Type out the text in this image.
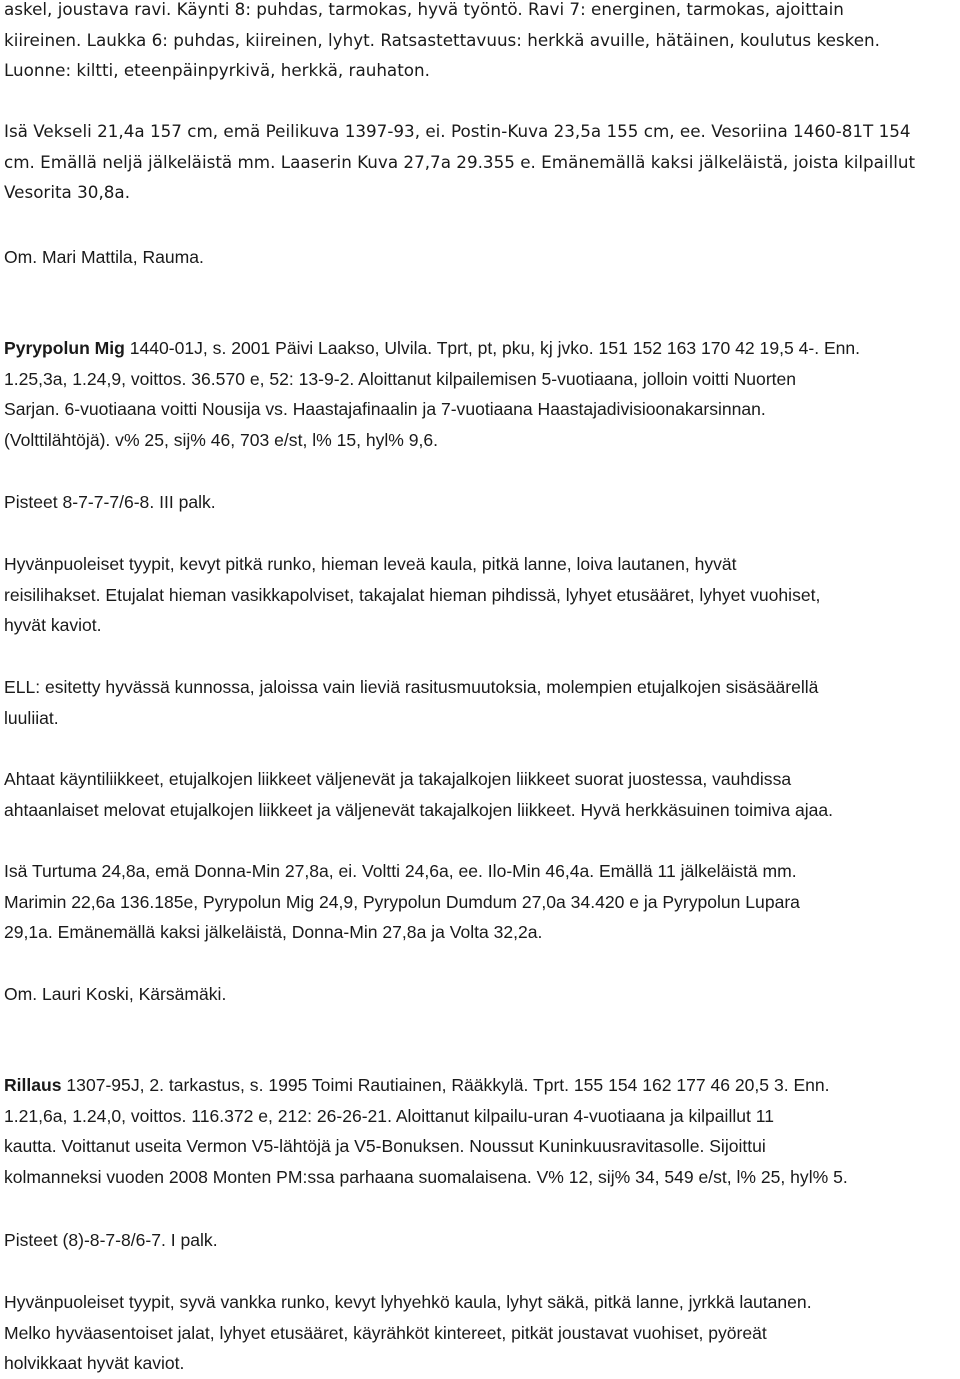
askel, joustava ravi. Käynti 8: puhdas, tarmokas, hyvä työntö. Ravi 7: energinen, tarmokas, ajoittain
kiireinen. Laukka 6: puhdas, kiireinen, lyhyt. Ratsastettavuus: herkkä avuille, hätäinen, koulutus kesken.
Luonne: kiltti, eteenpäinpyrkivä, herkkä, rauhaton.
Isä Vekseli 21,4a 157 cm, emä Peilikuva 1397-93, ei. Postin-Kuva 23,5a 155 cm, ee. Vesoriina 1460-81T 154
cm. Emällä neljä jälkeläistä mm. Laaserin Kuva 27,7a 29.355 e. Emänemällä kaksi jälkeläistä, joista kilpaillut
Vesorita 30,8a.
Om. Mari Mattila, Rauma.
Pyrypolun Mig 1440-01J, s. 2001 Päivi Laakso, Ulvila. Tprt, pt, pku, kj jvko. 151 152 163 170 42 19,5 4-. Enn.
1.25,3a, 1.24,9, voittos. 36.570 e, 52: 13-9-2. Aloittanut kilpailemisen 5-vuotiaana, jolloin voitti Nuorten
Sarjan. 6-vuotiaana voitti Nousija vs. Haastajafinaalin ja 7-vuotiaana Haastajadivisioonakarsinnan.
(Volttilähtöjä). v% 25, sij% 46, 703 e/st, l% 15, hyl% 9,6.
Pisteet 8-7-7-7/6-8. III palk.
Hyvänpuoleiset tyypit, kevyt pitkä runko, hieman leveä kaula, pitkä lanne, loiva lautanen, hyvät
reisilihakset. Etujalat hieman vasikkapolviset, takajalat hieman pihdissä, lyhyet etusääret, lyhyet vuohiset,
hyvät kaviot.
ELL: esitetty hyvässä kunnossa, jaloissa vain lieviä rasitusmuutoksia, molempien etujalkojen sisäsäärellä
luuliiat.
Ahtaat käyntiliikkeet, etujalkojen liikkeet väljenevät ja takajalkojen liikkeet suorat juostessa, vauhdissa
ahtaanlaiset melovat etujalkojen liikkeet ja väljenevät takajalkojen liikkeet. Hyvä herkkäsuinen toimiva ajaa.
Isä Turtuma 24,8a, emä Donna-Min 27,8a, ei. Voltti 24,6a, ee. Ilo-Min 46,4a. Emällä 11 jälkeläistä mm.
Marimin 22,6a 136.185e, Pyrypolun Mig 24,9, Pyrypolun Dumdum 27,0a 34.420 e ja Pyrypolun Lupara
29,1a. Emänemällä kaksi jälkeläistä, Donna-Min 27,8a ja Volta 32,2a.
Om. Lauri Koski, Kärsämäki.
Rillaus 1307-95J, 2. tarkastus, s. 1995 Toimi Rautiainen, Rääkkylä. Tprt. 155 154 162 177 46 20,5 3. Enn.
1.21,6a, 1.24,0, voittos. 116.372 e, 212: 26-26-21. Aloittanut kilpailu-uran 4-vuotiaana ja kilpaillut 11
kautta. Voittanut useita Vermon V5-lähtöjä ja V5-Bonuksen. Noussut Kuninkuusravitasolle. Sijoittui
kolmanneksi vuoden 2008 Monten PM:ssa parhaana suomalaisena. V% 12, sij% 34, 549 e/st, l% 25, hyl% 5.
Pisteet (8)-8-7-8/6-7. I palk.
Hyvänpuoleiset tyypit, syvä vankka runko, kevyt lyhyehkö kaula, lyhyt säkä, pitkä lanne, jyrkkä lautanen.
Melko hyväasentoiset jalat, lyhyet etusääret, käyrähköt kintereet, pitkät joustavat vuohiset, pyöreät
holvikkaat hyvät kaviot.
